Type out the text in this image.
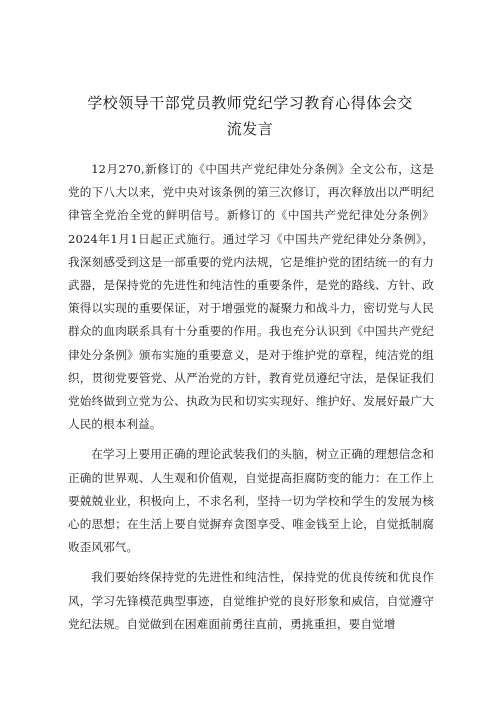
学校领导干部党员教师党纪学习教育心得体会交流发言

12月270,新修订的《中国共产党纪律处分条例》全文公布，这是党的下八大以来，党中央对该条例的第三次修订，再次释放出以严明纪律管全党治全党的鲜明信号。新修订的《中国共产党纪律处分条例》2024年1月1日起正式施行。通过学习《中国共产党纪律处分条例》，我深刻感受到这是一部重要的党内法规，它是维护党的团结统一的有力武器，是保持党的先进性和纯洁性的重要条件，是党的路线、方针、政策得以实现的重要保证，对于增强党的凝聚力和战斗力，密切党与人民群众的血肉联系具有十分重要的作用。我也充分认识到《中国共产党纪律处分条例》颁布实施的重要意义，是对于维护党的章程，纯洁党的组织，贯彻党要管党、从严治党的方针，教育党员遵纪守法，是保证我们党始终做到立党为公、执政为民和切实实现好、维护好、发展好最广大人民的根本利益。

在学习上要用正确的理论武装我们的头脑，树立正确的理想信念和正确的世界观、人生观和价值观，自觉提高拒腐防变的能力：在工作上要兢兢业业，积极向上，不求名利，坚持一切为学校和学生的发展为核心的思想；在生活上要自觉摒弃贪图享受、唯金钱至上论，自觉抵制腐败歪风邪气。

我们要始终保持党的先进性和纯洁性，保持党的优良传统和优良作风，学习先锋模范典型事迹，自觉维护党的良好形象和威信，自觉遵守党纪法规。自觉做到在困难面前勇往直前，勇挑重担，要自觉增
